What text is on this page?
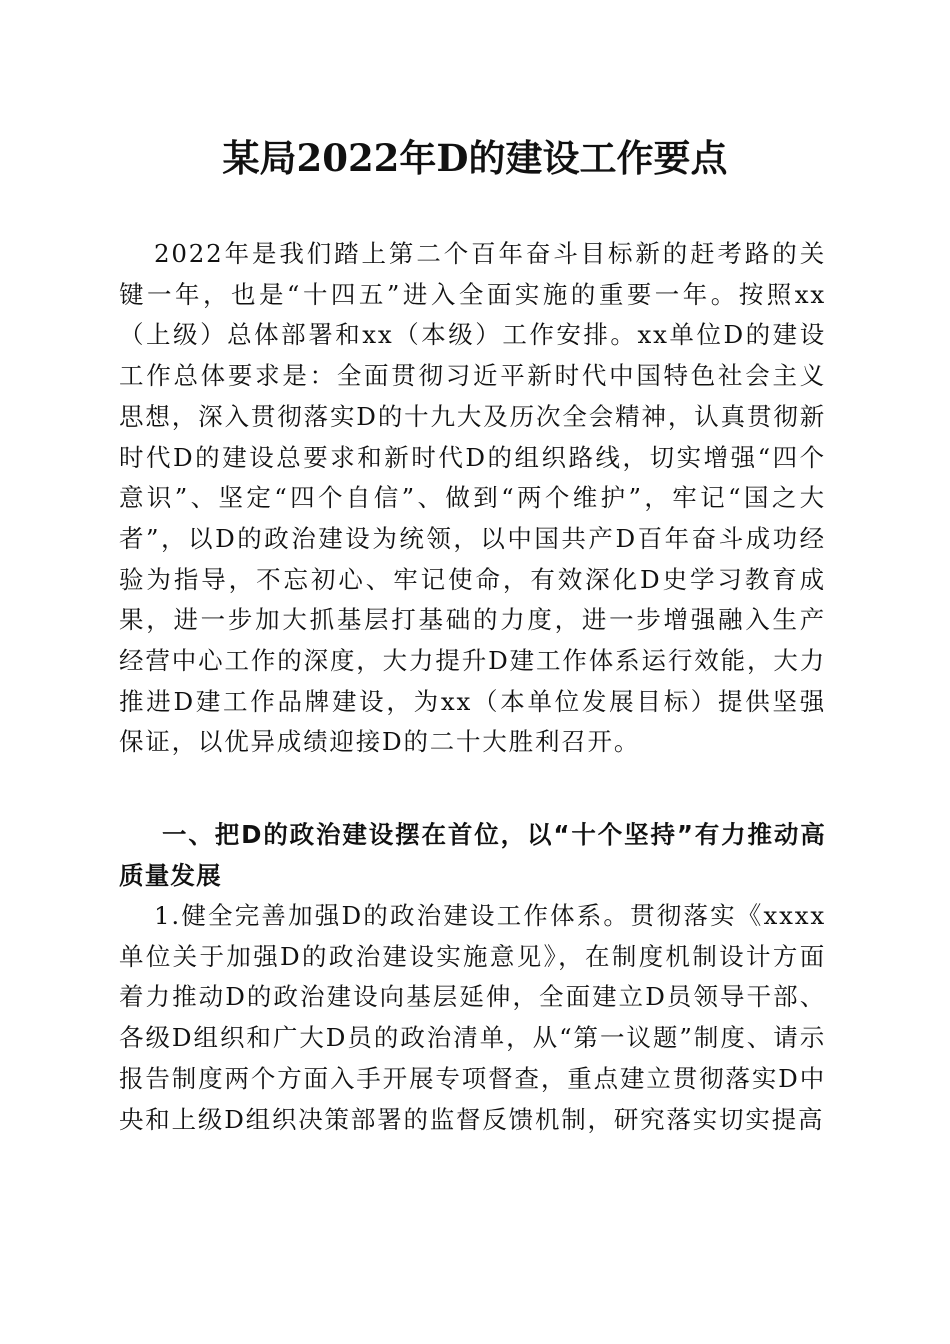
某局2022年D的建设工作要点

2022年是我们踏上第二个百年奋斗目标新的赶考路的关键一年，也是“十四五”进入全面实施的重要一年。按照xx（上级）总体部署和xx（本级）工作安排。xx单位D的建设工作总体要求是：全面贯彻习近平新时代中国特色社会主义思想，深入贯彻落实D的十九大及历次全会精神，认真贯彻新时代D的建设总要求和新时代D的组织路线，切实增强“四个意识”、坚定“四个自信”、做到“两个维护”，牢记“国之大者”，以D的政治建设为统领，以中国共产D百年奋斗成功经验为指导，不忘初心、牢记使命，有效深化D史学习教育成果，进一步加大抓基层打基础的力度，进一步增强融入生产经营中心工作的深度，大力提升D建工作体系运行效能，大力推进D建工作品牌建设，为xx（本单位发展目标）提供坚强保证，以优异成绩迎接D的二十大胜利召开。

一、把D的政治建设摆在首位，以“十个坚持”有力推动高质量发展

1.健全完善加强D的政治建设工作体系。贯彻落实《xxxx单位关于加强D的政治建设实施意见》，在制度机制设计方面着力推动D的政治建设向基层延伸，全面建立D员领导干部、各级D组织和广大D员的政治清单，从“第一议题”制度、请示报告制度两个方面入手开展专项督查，重点建立贯彻落实D中央和上级D组织决策部署的监督反馈机制，研究落实切实提高
